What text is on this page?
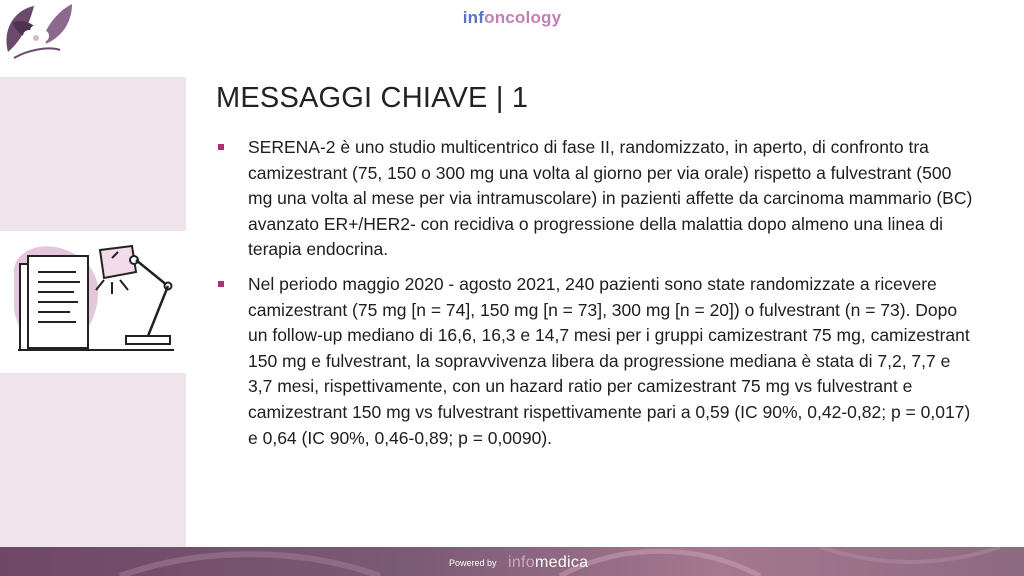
infoncology
MESSAGGI CHIAVE | 1
SERENA-2 è uno studio multicentrico di fase II, randomizzato, in aperto, di confronto tra camizestrant (75, 150 o 300 mg una volta al giorno per via orale) rispetto a fulvestrant (500 mg una volta al mese per via intramuscolare) in pazienti affette da carcinoma mammario (BC) avanzato ER+/HER2- con recidiva o progressione della malattia dopo almeno una linea di terapia endocrina.
Nel periodo maggio 2020 - agosto 2021, 240 pazienti sono state randomizzate a ricevere camizestrant (75 mg [n = 74], 150 mg [n = 73], 300 mg [n = 20]) o fulvestrant (n = 73). Dopo un follow-up mediano di 16,6, 16,3 e 14,7 mesi per i gruppi camizestrant 75 mg, camizestrant 150 mg e fulvestrant, la sopravvivenza libera da progressione mediana è stata di 7,2, 7,7 e 3,7 mesi, rispettivamente, con un hazard ratio per camizestrant 75 mg vs fulvestrant e camizestrant 150 mg vs fulvestrant rispettivamente pari a 0,59 (IC 90%, 0,42-0,82; p = 0,017) e 0,64 (IC 90%, 0,46-0,89; p = 0,0090).
Powered by infomedica
